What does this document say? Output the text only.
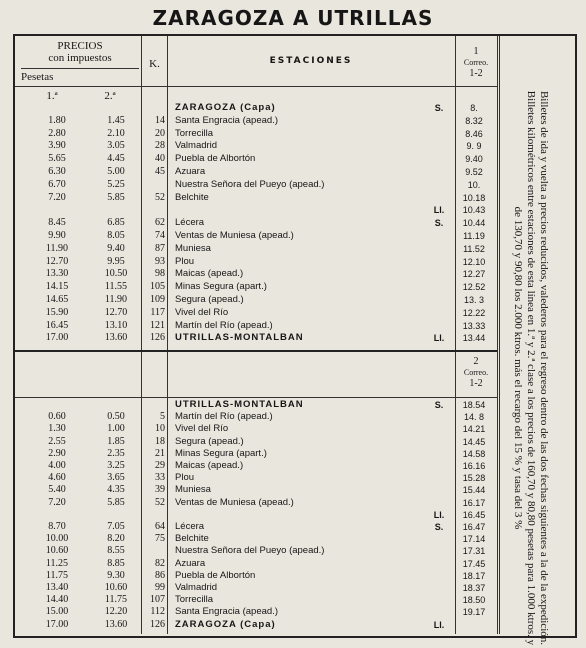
ZARAGOZA A UTRILLAS
PRECIOS
con impuestos
Pesetas
K.	ESTACIONES
1
Correo.
1-2
1.ª	2.ª
2
Correo.
1-2
ZARAGOZA (Capa)	S.	8.
1.80	1.45	14 Santa Engracia (apead.)	8.32
2.80	2.10	20 Torrecilla	8.46
3.90	3.05	28 Valmadrid	9. 9
5.65	4.45	40 Puebla de Albortón	9.40
6.30	5.00	45 Azuara	9.52
6.70	5.25	Nuestra Señora del Pueyo (apead.)	10.
7.20	5.85	52 Belchite	10.18
Ll.	10.43
8.45	6.85	62 Lécera	S.	10.44
9.90	8.05	74 Ventas de Muniesa (apead.)	11.19
11.90	9.40	87 Muniesa	11.52
12.70	9.95	93 Plou	12.10
13.30	10.50	98 Maicas (apead.)	12.27
14.15	11.55	105 Minas Segura (apart.)	12.52
14.65	11.90	109 Segura (apead.)	13. 3
15.90	12.70	117 Vivel del Río	12.22
16.45	13.10	121 Martín del Río (apead.)	13.33
17.00	13.60	126 UTRILLAS-MONTALBAN	Ll.	13.44
UTRILLAS-MONTALBAN	S.	18.54
0.60	0.50	5 Martín del Río (apead.)	14. 8
1.30	1.00	10 Vivel del Río	14.21
2.55	1.85	18 Segura (apead.)	14.45
2.90	2.35	21 Minas Segura (apart.)	14.58
4.00	3.25	29 Maicas (apead.)	16.16
4.60	3.65	33 Plou	15.28
5.40	4.35	39 Muniesa	15.44
7.20	5.85	52 Ventas de Muniesa (apead.)	16.17
Ll.	16.45
8.70	7.05	64 Lécera	S.	16.47
10.00	8.20	75 Belchite	17.14
10.60	8.55	Nuestra Señora del Pueyo (apead.)	17.31
11.25	8.85	82 Azuara	17.45
11.75	9.30	86 Puebla de Albortón	18.17
13.40	10.60	99 Valmadrid	18.37
14.40	11.75	107 Torrecilla	18.50
15.00	12.20	112 Santa Engracia (apead.)	19.17
17.00	13.60	126 ZARAGOZA (Capa)	Ll.	Billetes de ida y vuelta a precios reducidos, valederos para el regreso dentro de las dos fechas siguientes a la de la expedición. Billetes kilométricos entre estaciones de esta línea en 1.ª y 2.ª clase a los precios de 160,70 y 80,80 pesetas para 1.000 ktros. y de 130,70 y 90,80 los 2.000 ktros. más el recargo del 15 % y tasa del 3 %
